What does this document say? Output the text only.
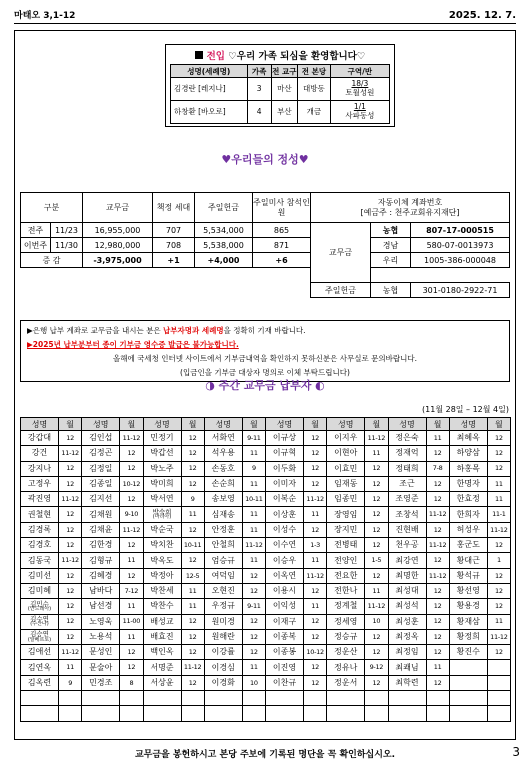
마태오 3,1-12	2025. 12. 7.
전입
♡우리 가족 되심을 환영합니다♡
성명(세례명)	가족	전 교구	전 본당	구역/반
김경란 [레지나]	3	마산	대방동	18/3
토월성원
하창환 [바오로]	4	부산	개금	1/1
사파동성
♥우리들의 정성♥
구분		교무금	책정 세대	주일헌금	주일미사 참석인원	자동이체 계좌번호
[예금주 : 천주교회유지재단]		
전주	11/23	16,955,000	707	5,534,000	865	교무금	농협	807-17-000515
이번주	11/30	12,980,000	708	5,538,000	871		경남	580-07-0013973
증 감		-3,975,000	+1	+4,000	+6		우리	1005-386-000048

						주일헌금	농협	301-0180-2922-71
▶은행 납부 계좌로 교무금을 내시는 분은 납부자명과 세례명을 정확히 기재 바랍니다.
▶2025년 납부분부터 종이 기부금 영수증 발급은 불가능합니다.
올해에 국세청 인터넷 사이트에서 기부금내역을 확인하지 못하신분은 사무실로 문의바랍니다.
(입금인을 기부금 대상자 명의로 이체 부탁드립니다)
◑ 주간 교무금 납부자 ◐
(11월 28일 – 12월 4일)
성명	월	성명	월	성명	월	성명	월	성명	월	성명	월	성명	월	성명	월
강갑대	12	김인섭	11-12	민정기	12	서화연	9-11	이규상	12	이지우	11-12	정은숙	11	최혜옥	12
강건	11-12	김정곤	12	박갑선	12	석우용	11	이규혁	12	이현아	11	정재억	12	하양삼	12
강지나	12	김정일	12	박노주	12	손동호	9	이두화	12	이효민	12	정태희	7-8	하홍목	12
고정우	12	김종일	10-12	박미희	12	손순희	11	이미자	12	임재동	12	조근	12	한명자	11
곽진영	11-12	김지선	12	박서연	9	송보영	10-11	이복순	11-12	임종민	12	조영준	12	한효정	11
권철현	12	김채원	9-10	박숙희
(마리아)	11	심재송	11	이상훈	11	장영임	12	조창석	11-12	한희자	11-1
김경록	12	김채윤	11-12	박순국	12	안정훈	11	이성수	12	장지민	12	진현배	12	허성우	11-12
김경호	12	김한경	12	박치찬	10-11	안철희	11-12	이수연	1-3	전병태	12	천우공	11-12	홍군도	12
김동국	11-12	김형규	11	박옥도	12	엄승규	11	이승우	11	전양인	1-5	최강연	12	황대근	1
김미선	12	김혜경	12	박정아	12-5	여덕임	12	이옥연	11-12	전요한	12	최명한	11-12	황석규	12
김미혜	12	남바다	7-12	박찬세	11	오현진	12	이용시	12	전한나	11	최성대	12	황선영	12
김민수
(안드레아)	12	남선경	11	박찬수	11	우정규	9-11	이익성	11	정계철	11-12	최성석	12	황용경	12
김수연
(수산나)	12	노영욱	11-00	배성교	12	원미경	12	이재구	12	정세영	10	최성훈	12	황재삼	11
김승연
(알베르토)	12	노용석	11	배효진	12	원해란	12	이종복	12	정승규	12	최정옥	12	황정희	11-12
김애선	11-12	문성인	12	백인옥	12	이강률	12	이종봉	10-12	정운산	12	최정임	12	황진수	12
김연옥	11	문술아	12	서명준	11-12	이경심	11	이진영	12	정유나	9-12	최쾌님	11		
김옥련	9	민경조	8	서상윤	12	이경화	10	이찬규	12	정운서	12	최학련	12		

교무금을 봉헌하시고 본당 주보에 기록된 명단을 꼭 확인하십시오.	3
